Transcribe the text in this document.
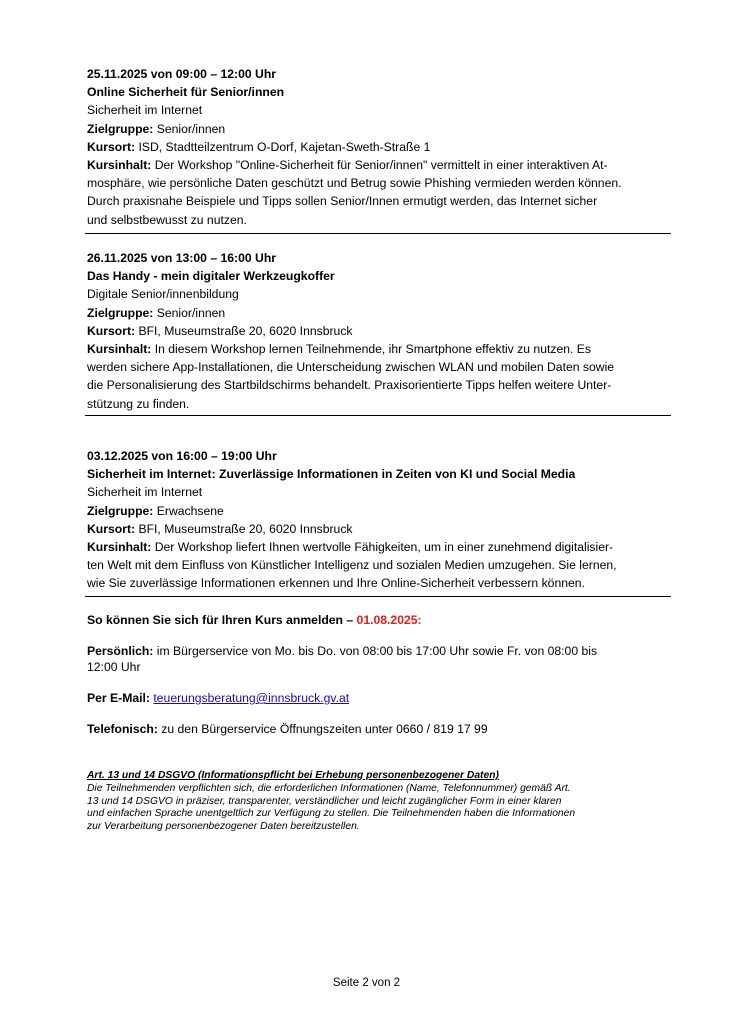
25.11.2025 von 09:00 – 12:00 Uhr
Online Sicherheit für Senior/innen
Sicherheit im Internet
Zielgruppe: Senior/innen
Kursort: ISD, Stadtteilzentrum O-Dorf, Kajetan-Sweth-Straße 1
Kursinhalt: Der Workshop "Online-Sicherheit für Senior/innen" vermittelt in einer interaktiven At-
mosphäre, wie persönliche Daten geschützt und Betrug sowie Phishing vermieden werden können.
Durch praxisnahe Beispiele und Tipps sollen Senior/Innen ermutigt werden, das Internet sicher
und selbstbewusst zu nutzen.
26.11.2025 von 13:00 – 16:00 Uhr
Das Handy - mein digitaler Werkzeugkoffer
Digitale Senior/innenbildung
Zielgruppe: Senior/innen
Kursort: BFI, Museumstraße 20, 6020 Innsbruck
Kursinhalt: In diesem Workshop lernen Teilnehmende, ihr Smartphone effektiv zu nutzen. Es
werden sichere App-Installationen, die Unterscheidung zwischen WLAN und mobilen Daten sowie
die Personalisierung des Startbildschirms behandelt. Praxisorientierte Tipps helfen weitere Unter-
stützung zu finden.
03.12.2025 von 16:00 – 19:00 Uhr
Sicherheit im Internet: Zuverlässige Informationen in Zeiten von KI und Social Media
Sicherheit im Internet
Zielgruppe: Erwachsene
Kursort: BFI, Museumstraße 20, 6020 Innsbruck
Kursinhalt: Der Workshop liefert Ihnen wertvolle Fähigkeiten, um in einer zunehmend digitalisier-
ten Welt mit dem Einfluss von Künstlicher Intelligenz und sozialen Medien umzugehen. Sie lernen,
wie Sie zuverlässige Informationen erkennen und Ihre Online-Sicherheit verbessern können.
So können Sie sich für Ihren Kurs anmelden – 01.08.2025:
Persönlich: im Bürgerservice von Mo. bis Do. von 08:00 bis 17:00 Uhr sowie Fr. von 08:00 bis
12:00 Uhr
Per E-Mail: teuerungsberatung@innsbruck.gv.at
Telefonisch: zu den Bürgerservice Öffnungszeiten unter 0660 / 819 17 99
Art. 13 und 14 DSGVO (Informationspflicht bei Erhebung personenbezogener Daten)
Die Teilnehmenden verpflichten sich, die erforderlichen Informationen (Name, Telefonnummer) gemäß Art.
13 und 14 DSGVO in präziser, transparenter, verständlicher und leicht zugänglicher Form in einer klaren
und einfachen Sprache unentgeltlich zur Verfügung zu stellen. Die Teilnehmenden haben die Informationen
zur Verarbeitung personenbezogener Daten bereitzustellen.
Seite 2 von 2
